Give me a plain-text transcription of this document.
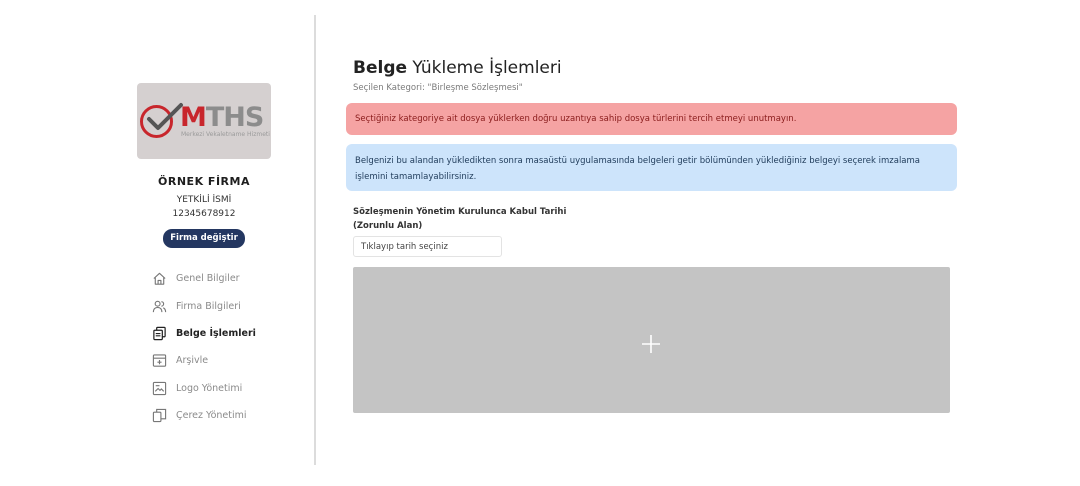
MTHS
Merkezi Vekaletname Hizmeti
ÖRNEK FİRMA
YETKİLİ İSMİ
12345678912
Firma değiştir
Genel Bilgiler
Firma Bilgileri
Belge İşlemleri
Arşivle
Logo Yönetimi
Çerez Yönetimi
Belge Yükleme İşlemleri
Seçilen Kategori: "Birleşme Sözleşmesi"
Seçtiğiniz kategoriye ait dosya yüklerken doğru uzantıya sahip dosya türlerini tercih etmeyi unutmayın.
Belgenizi bu alandan yükledikten sonra masaüstü uygulamasında belgeleri getir bölümünden yüklediğiniz belgeyi seçerek imzalama işlemini tamamlayabilirsiniz.
Sözleşmenin Yönetim Kurulunca Kabul Tarihi
(Zorunlu Alan)
Tıklayıp tarih seçiniz
